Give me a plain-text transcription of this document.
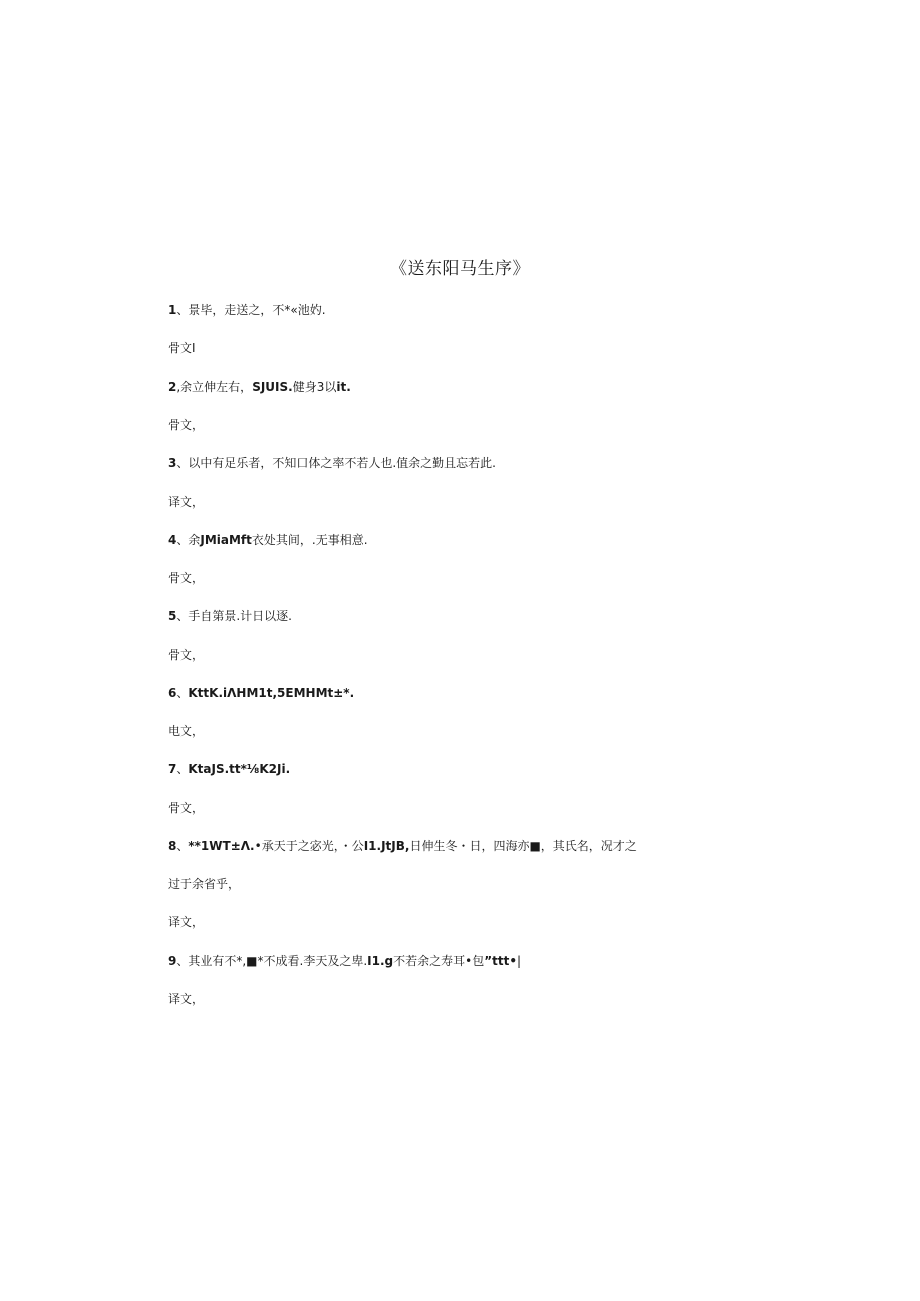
《送东阳马生序》
1、景毕，走送之，不*«池妁.
骨文I
2,余立伸左右，SJUIS.健身3以it.
骨文，
3、以中有足乐者，不知口体之率不若人也.值余之勤且忘若此.
译文，
4、余JMiaMft衣处其间，.无事相意.
骨文，
5、手自第景.计日以逐.
骨文，
6、KttK.iΛHM1t,5EMHMt±*.
电文，
7、KtaJS.tt*⅛K2Ji.
骨文，
8、**1WT±Λ.•承天于之宓光，・公I1.JtJB,日伸生冬・日，四海亦■，其氏名，况才之
过于余省乎，
译文，
9、其业有不*,■*不成看.李天及之卑.I1.g不若余之寿耳•包”ttt•|
译文，
